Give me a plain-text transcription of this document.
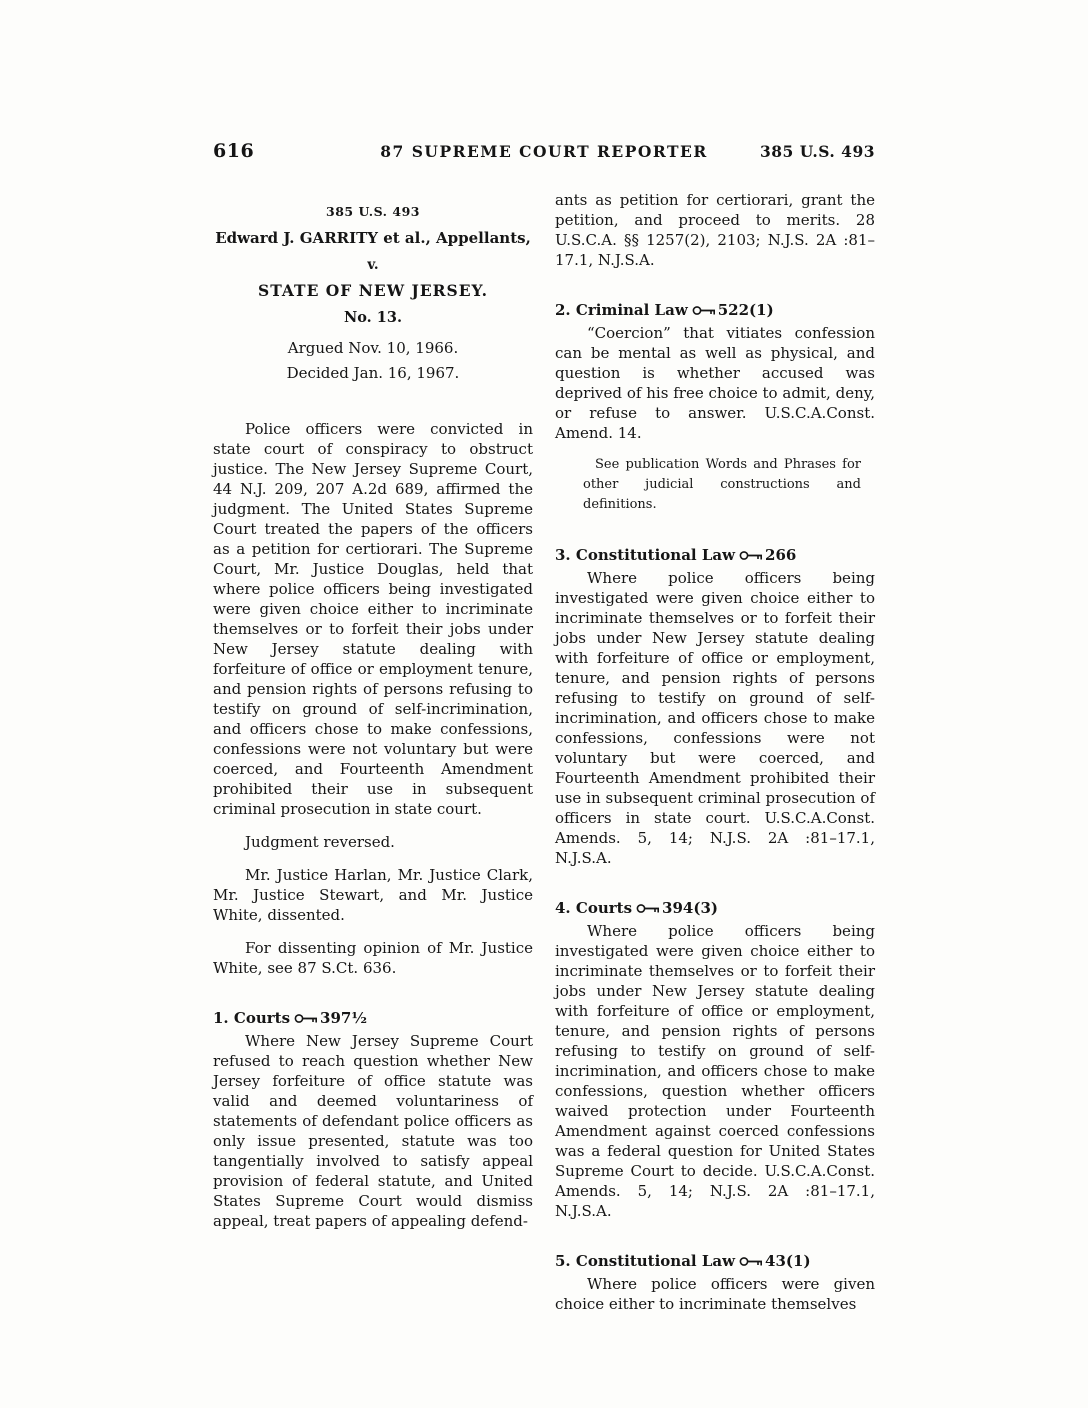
616	87 SUPREME COURT REPORTER	385 U.S. 493
385 U.S. 493
Edward J. GARRITY et al., Appellants,
v.
STATE OF NEW JERSEY.
No. 13.
Argued Nov. 10, 1966.
Decided Jan. 16, 1967.

Police officers were convicted in state court of conspiracy to obstruct justice. The New Jersey Supreme Court, 44 N.J. 209, 207 A.2d 689, affirmed the judgment. The United States Supreme Court treated the papers of the officers as a petition for certiorari. The Supreme Court, Mr. Justice Douglas, held that where police officers being investigated were given choice either to incriminate themselves or to forfeit their jobs under New Jersey statute dealing with forfeiture of office or employment tenure, and pension rights of persons refusing to testify on ground of self-incrimination, and officers chose to make confessions, confessions were not voluntary but were coerced, and Fourteenth Amendment prohibited their use in subsequent criminal prosecution in state court.

Judgment reversed.

Mr. Justice Harlan, Mr. Justice Clark, Mr. Justice Stewart, and Mr. Justice White, dissented.

For dissenting opinion of Mr. Justice White, see 87 S.Ct. 636.

1. Courts 397½

Where New Jersey Supreme Court refused to reach question whether New Jersey forfeiture of office statute was valid and deemed voluntariness of statements of defendant police officers as only issue presented, statute was too tangentially involved to satisfy appeal provision of federal statute, and United States Supreme Court would dismiss appeal, treat papers of appealing defend-

ants as petition for certiorari, grant the petition, and proceed to merits. 28 U.S.C.A. §§ 1257(2), 2103; N.J.S. 2A :81–17.1, N.J.S.A.

2. Criminal Law 522(1)

“Coercion” that vitiates confession can be mental as well as physical, and question is whether accused was deprived of his free choice to admit, deny, or refuse to answer. U.S.C.A.Const. Amend. 14.

See publication Words and Phrases for other judicial constructions and definitions.

3. Constitutional Law 266

Where police officers being investigated were given choice either to incriminate themselves or to forfeit their jobs under New Jersey statute dealing with forfeiture of office or employment, tenure, and pension rights of persons refusing to testify on ground of self-incrimination, and officers chose to make confessions, confessions were not voluntary but were coerced, and Fourteenth Amendment prohibited their use in subsequent criminal prosecution of officers in state court. U.S.C.A.Const. Amends. 5, 14; N.J.S. 2A :81–17.1, N.J.S.A.

4. Courts 394(3)

Where police officers being investigated were given choice either to incriminate themselves or to forfeit their jobs under New Jersey statute dealing with forfeiture of office or employment, tenure, and pension rights of persons refusing to testify on ground of self-incrimination, and officers chose to make confessions, question whether officers waived protection under Fourteenth Amendment against coerced confessions was a federal question for United States Supreme Court to decide. U.S.C.A.Const. Amends. 5, 14; N.J.S. 2A :81–17.1, N.J.S.A.

5. Constitutional Law 43(1)

Where police officers were given choice either to incriminate themselves
